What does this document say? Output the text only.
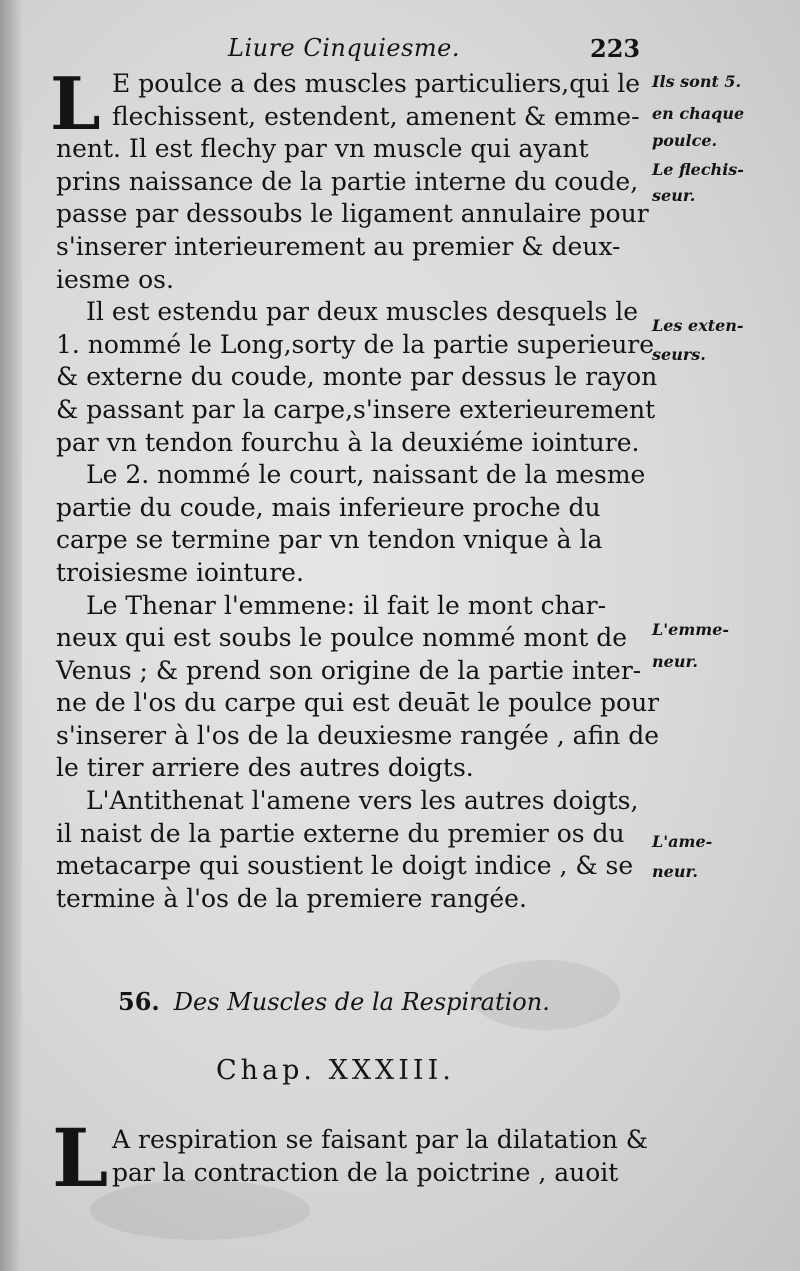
Liure Cinquiesme.	223
L E poulce a des muscles particuliers,qui le
flechissent, estendent, amenent & emme-
nent. Il est flechy par vn muscle qui ayant
prins naissance de la partie interne du coude,
passe par dessoubs le ligament annulaire pour
s'inserer interieurement au premier & deux-
iesme os.
Il est estendu par deux muscles desquels le
1. nommé le Long,sorty de la partie superieure
& externe du coude, monte par dessus le rayon
& passant par la carpe,s'insere exterieurement
par vn tendon fourchu à la deuxiéme iointure.
Le 2. nommé le court, naissant de la mesme
partie du coude, mais inferieure proche du
carpe se termine par vn tendon vnique à la
troisiesme iointure.
Le Thenar l'emmene: il fait le mont char-
neux qui est soubs le poulce nommé mont de
Venus ; & prend son origine de la partie inter-
ne de l'os du carpe qui est deuāt le poulce pour
s'inserer à l'os de la deuxiesme rangée , afin de
le tirer arriere des autres doigts.
L'Antithenat l'amene vers les autres doigts,
il naist de la partie externe du premier os du
metacarpe qui soustient le doigt indice , & se
termine à l'os de la premiere rangée.
Ils sont 5.
en chaque
poulce.
Le flechis-
seur.
Les exten-
seurs.
L'emme-
neur.
L'ame-
neur.
56. Des Muscles de la Respiration.
Chap. XXXIII.
L A respiration se faisant par la dilatation &
par la contraction de la poictrine , auoit
